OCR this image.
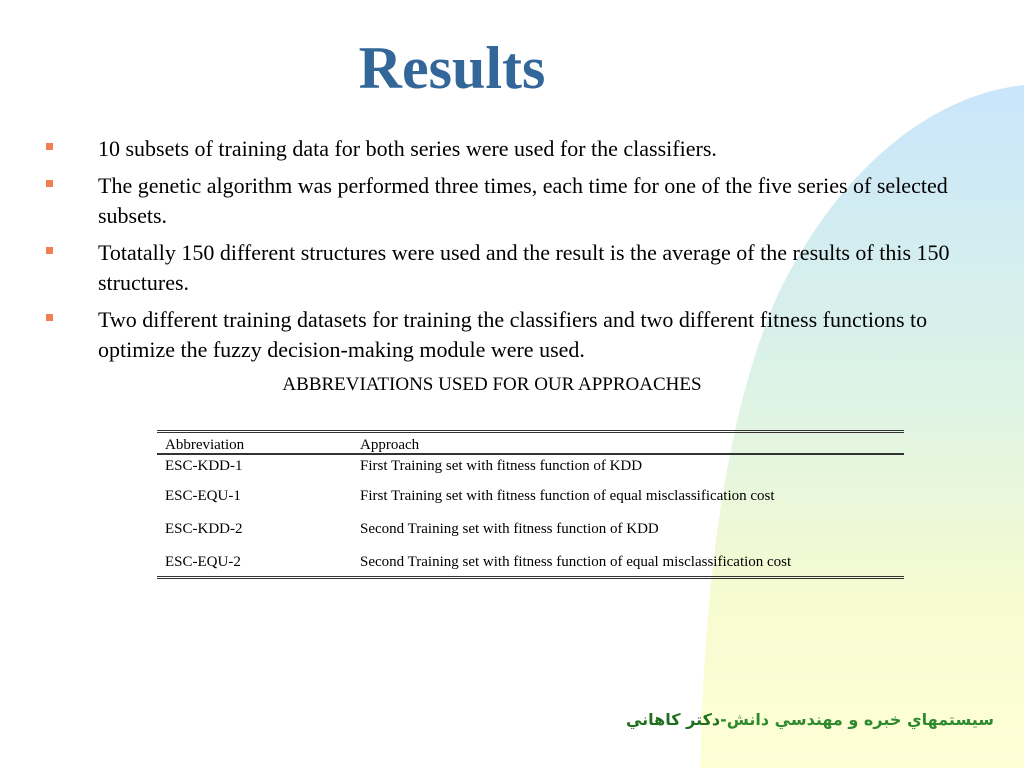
Results
10 subsets of training data for both series were used for the classifiers.
The genetic algorithm was performed three times, each time for one of the five series of selected subsets.
Totatally 150 different structures were used and the result is the average of the results of this 150 structures.
Two different training datasets for training the classifiers and two different fitness functions to optimize the fuzzy decision-making module were used.
ABBREVIATIONS USED FOR OUR APPROACHES
Abbreviation	Approach
ESC-KDD-1	First Training set with fitness function of KDD
ESC-EQU-1	First Training set with fitness function of equal misclassification cost
ESC-KDD-2	Second Training set with fitness function of KDD
ESC-EQU-2	Second Training set with fitness function of equal misclassification cost
سيستمهاي خبره و مهندسي دانش-دکتر کاهاني
